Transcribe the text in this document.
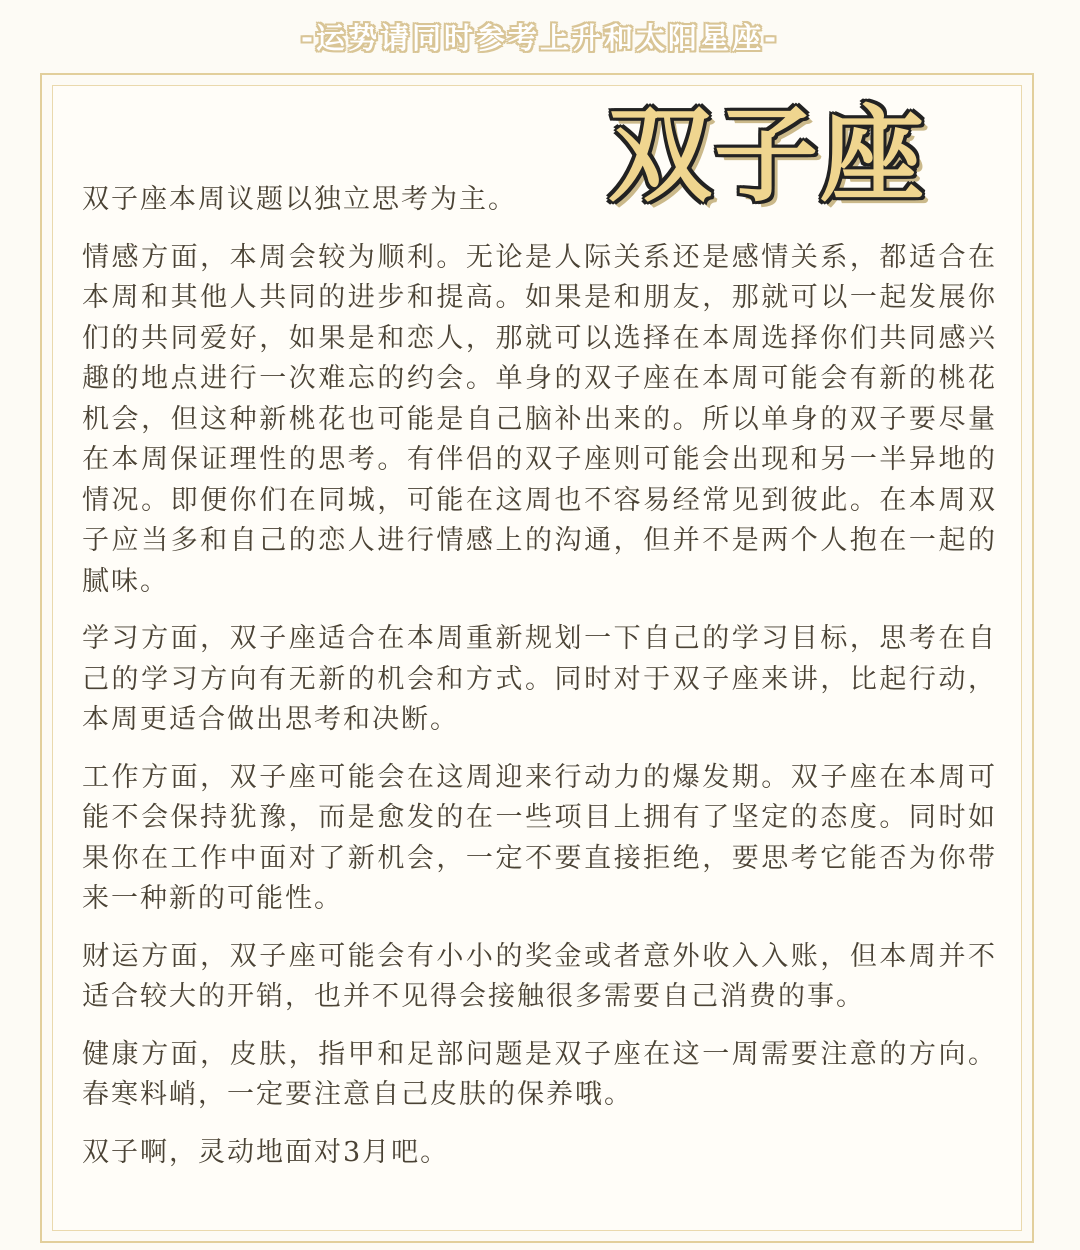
-运势请同时参考上升和太阳星座-
双子座

双子座本周议题以独立思考为主。

情感方面，本周会较为顺利。无论是人际关系还是感情关系，都适合在本周和其他人共同的进步和提高。如果是和朋友，那就可以一起发展你们的共同爱好，如果是和恋人，那就可以选择在本周选择你们共同感兴趣的地点进行一次难忘的约会。单身的双子座在本周可能会有新的桃花机会，但这种新桃花也可能是自己脑补出来的。所以单身的双子要尽量在本周保证理性的思考。有伴侣的双子座则可能会出现和另一半异地的情况。即便你们在同城，可能在这周也不容易经常见到彼此。在本周双子应当多和自己的恋人进行情感上的沟通，但并不是两个人抱在一起的腻味。

学习方面，双子座适合在本周重新规划一下自己的学习目标，思考在自己的学习方向有无新的机会和方式。同时对于双子座来讲，比起行动，本周更适合做出思考和决断。

工作方面，双子座可能会在这周迎来行动力的爆发期。双子座在本周可能不会保持犹豫，而是愈发的在一些项目上拥有了坚定的态度。同时如果你在工作中面对了新机会，一定不要直接拒绝，要思考它能否为你带来一种新的可能性。

财运方面，双子座可能会有小小的奖金或者意外收入入账，但本周并不适合较大的开销，也并不见得会接触很多需要自己消费的事。

健康方面，皮肤，指甲和足部问题是双子座在这一周需要注意的方向。春寒料峭，一定要注意自己皮肤的保养哦。

双子啊，灵动地面对3月吧。
